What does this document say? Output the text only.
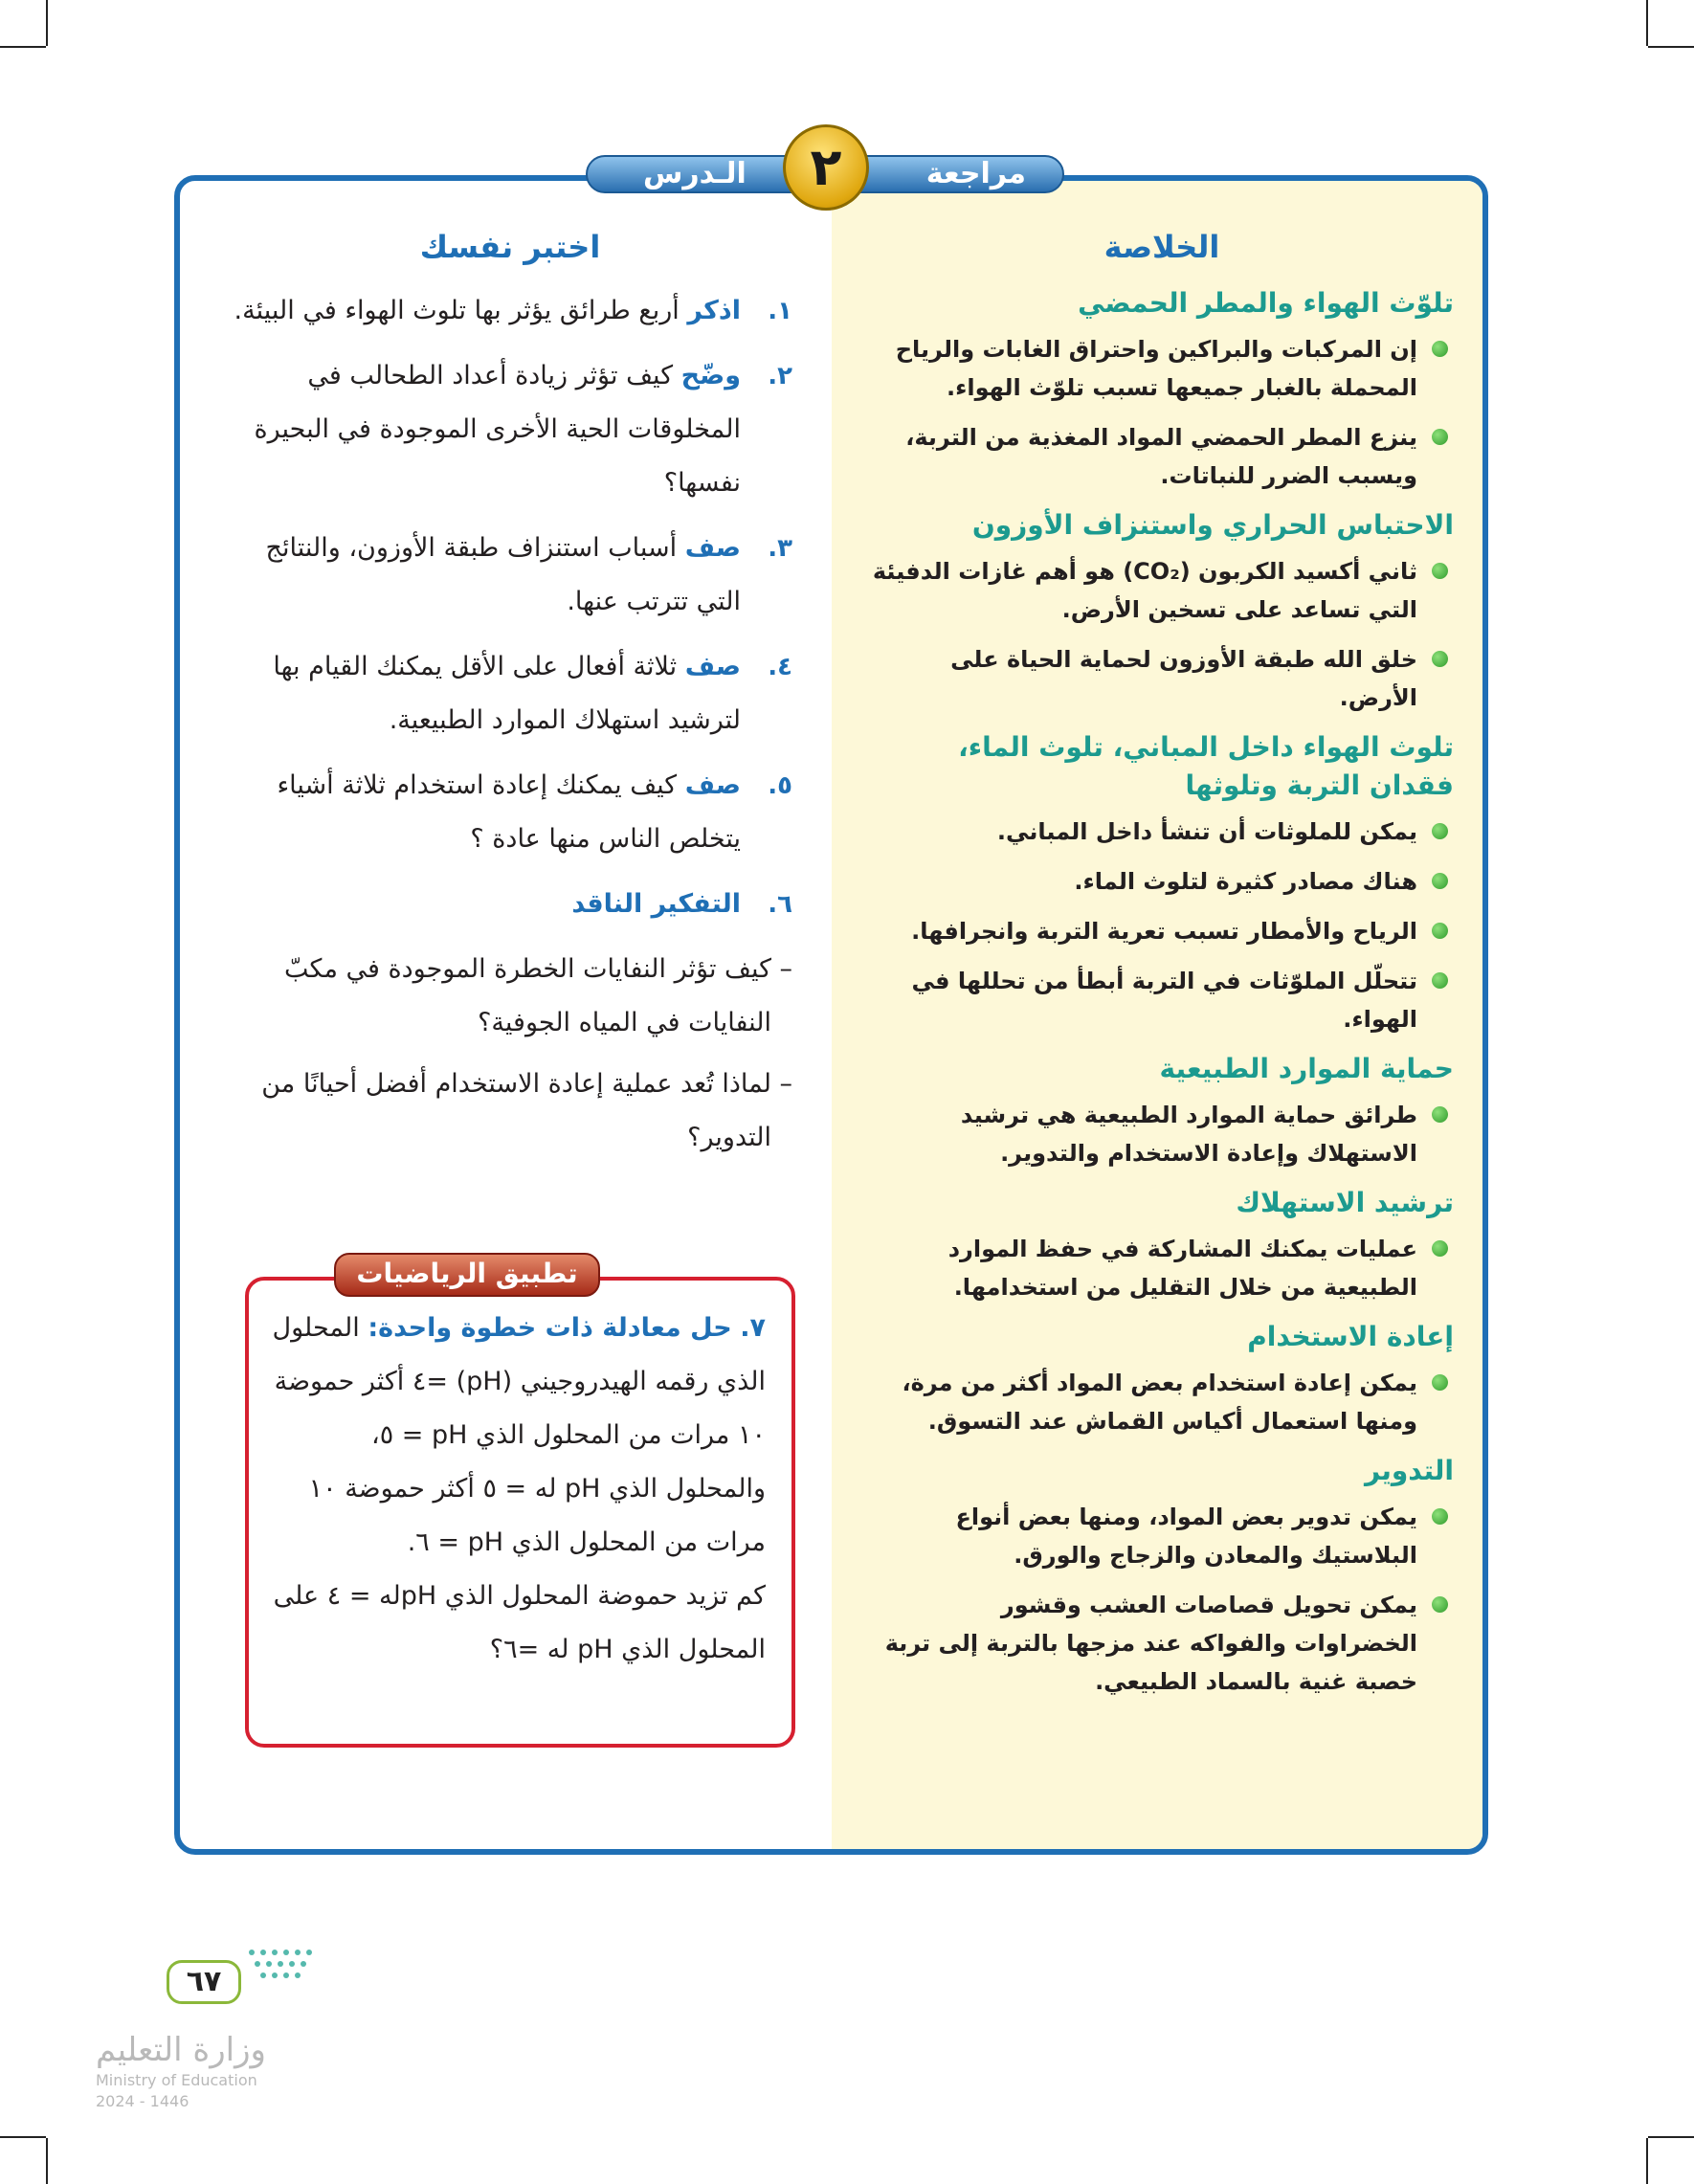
الخلاصة
تلوّث الهواء والمطر الحمضي
إن المركبات والبراكين واحتراق الغابات والرياح المحملة بالغبار جميعها تسبب تلوّث الهواء.
ينزع المطر الحمضي المواد المغذية من التربة، ويسبب الضرر للنباتات.
الاحتباس الحراري واستنزاف الأوزون
ثاني أكسيد الكربون (CO₂) هو أهم غازات الدفيئة التي تساعد على تسخين الأرض.
خلق الله طبقة الأوزون لحماية الحياة على الأرض.
تلوث الهواء داخل المباني، تلوث الماء، فقدان التربة وتلوثها
يمكن للملوثات أن تنشأ داخل المباني.
هناك مصادر كثيرة لتلوث الماء.
الرياح والأمطار تسبب تعرية التربة وانجرافها.
تتحلّل الملوّثات في التربة أبطأ من تحللها في الهواء.
حماية الموارد الطبيعية
طرائق حماية الموارد الطبيعية هي ترشيد الاستهلاك وإعادة الاستخدام والتدوير.
ترشيد الاستهلاك
عمليات يمكنك المشاركة في حفظ الموارد الطبيعية من خلال التقليل من استخدامها.
إعادة الاستخدام
يمكن إعادة استخدام بعض المواد أكثر من مرة، ومنها استعمال أكياس القماش عند التسوق.
التدوير
يمكن تدوير بعض المواد، ومنها بعض أنواع البلاستيك والمعادن والزجاج والورق.
يمكن تحويل قصاصات العشب وقشور الخضراوات والفواكه عند مزجها بالتربة إلى تربة خصبة غنية بالسماد الطبيعي.
اختبر نفسك
١.
اذكر أربع طرائق يؤثر بها تلوث الهواء في البيئة.
٢.
وضّح كيف تؤثر زيادة أعداد الطحالب في المخلوقات الحية الأخرى الموجودة في البحيرة نفسها؟
٣.
صف أسباب استنزاف طبقة الأوزون، والنتائج التي تترتب عنها.
٤.
صف ثلاثة أفعال على الأقل يمكنك القيام بها لترشيد استهلاك الموارد الطبيعية.
٥.
صف كيف يمكنك إعادة استخدام ثلاثة أشياء يتخلص الناس منها عادة ؟
٦.
التفكير الناقد
–
كيف تؤثر النفايات الخطرة الموجودة في مكبّ النفايات في المياه الجوفية؟
–
لماذا تُعد عملية إعادة الاستخدام أفضل أحيانًا من التدوير؟
٧. حل معادلة ذات خطوة واحدة: المحلول الذي رقمه الهيدروجيني (pH) =٤ أكثر حموضة ١٠ مرات من المحلول الذي pH = ٥، والمحلول الذي pH له = ٥ أكثر حموضة ١٠ مرات من المحلول الذي pH = ٦.
كم تزيد حموضة المحلول الذي pHله = ٤ على المحلول الذي pH له =٦؟
تطبيق الرياضيات
مراجعة
الـدرس	٢
٦٧
وزارة التعليم
Ministry of Education
2024 - 1446
